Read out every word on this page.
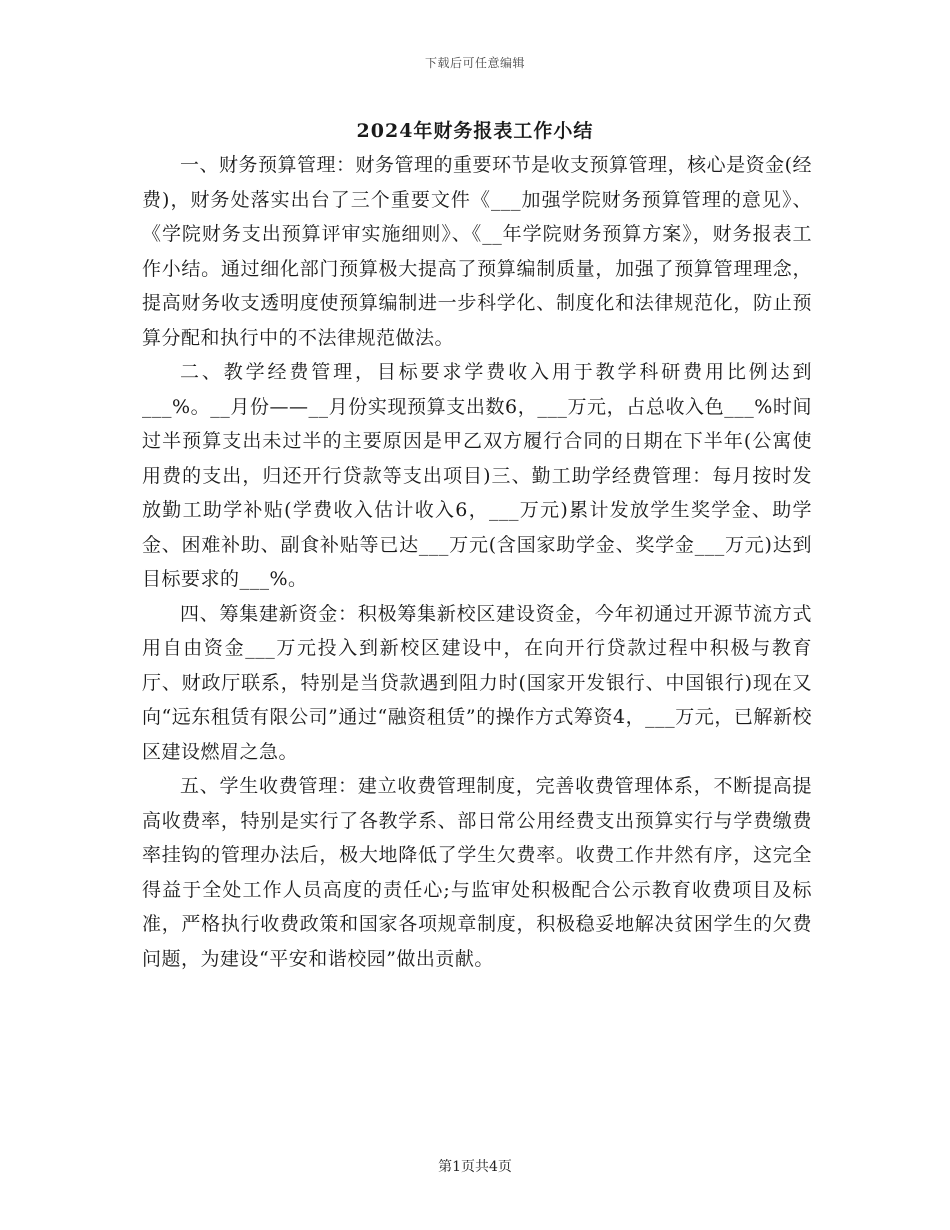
下载后可任意编辑
2024年财务报表工作小结

一、财务预算管理：财务管理的重要环节是收支预算管理，核心是资金(经费)，财务处落实出台了三个重要文件《___加强学院财务预算管理的意见》、《学院财务支出预算评审实施细则》、《__年学院财务预算方案》，财务报表工作小结。通过细化部门预算极大提高了预算编制质量，加强了预算管理理念，提高财务收支透明度使预算编制进一步科学化、制度化和法律规范化，防止预算分配和执行中的不法律规范做法。

二、教学经费管理，目标要求学费收入用于教学科研费用比例达到___%。__月份——__月份实现预算支出数6，___万元，占总收入色___%时间过半预算支出未过半的主要原因是甲乙双方履行合同的日期在下半年(公寓使用费的支出，归还开行贷款等支出项目)三、勤工助学经费管理：每月按时发放勤工助学补贴(学费收入估计收入6，___万元)累计发放学生奖学金、助学金、困难补助、副食补贴等已达___万元(含国家助学金、奖学金___万元)达到目标要求的___%。

四、筹集建新资金：积极筹集新校区建设资金，今年初通过开源节流方式用自由资金___万元投入到新校区建设中，在向开行贷款过程中积极与教育厅、财政厅联系，特别是当贷款遇到阻力时(国家开发银行、中国银行)现在又向“远东租赁有限公司”通过“融资租赁”的操作方式筹资4，___万元，已解新校区建设燃眉之急。

五、学生收费管理：建立收费管理制度，完善收费管理体系，不断提高提高收费率，特别是实行了各教学系、部日常公用经费支出预算实行与学费缴费率挂钩的管理办法后，极大地降低了学生欠费率。收费工作井然有序，这完全得益于全处工作人员高度的责任心;与监审处积极配合公示教育收费项目及标准，严格执行收费政策和国家各项规章制度，积极稳妥地解决贫困学生的欠费问题，为建设“平安和谐校园”做出贡献。

第1页共4页
